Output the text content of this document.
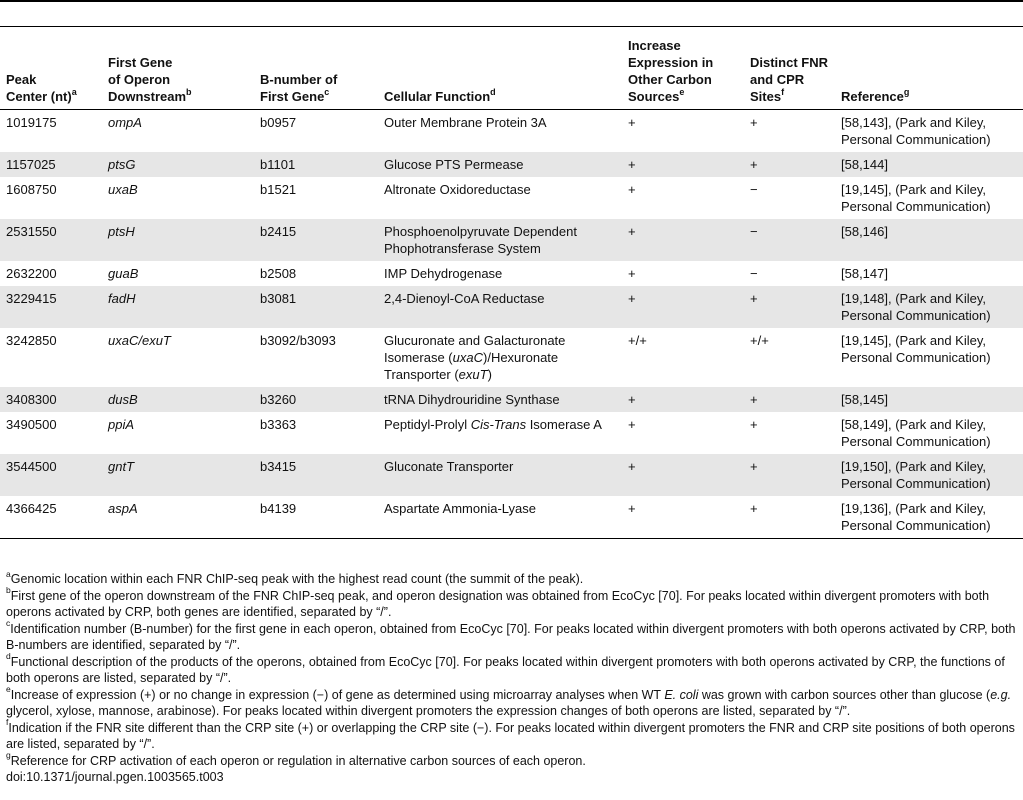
Peak
Center (nt)$^a$	First Gene
of Operon
Downstream$^b$	B-number of
First Gene$^c$	Cellular Function$^d$	Increase
Expression in
Other Carbon
Sources$^e$	Distinct FNR
and CPR
Sites$^f$	Reference$^g$
1019175	ompA	b0957	Outer Membrane Protein 3A	+	+	[58,143], (Park and Kiley, Personal Communication)
1157025	ptsG	b1101	Glucose PTS Permease	+	+	[58,144]
1608750	uxaB	b1521	Altronate Oxidoreductase	+	−	[19,145], (Park and Kiley, Personal Communication)
2531550	ptsH	b2415	Phosphoenolpyruvate Dependent Phophotransferase System	+	−	[58,146]
2632200	guaB	b2508	IMP Dehydrogenase	+	−	[58,147]
3229415	fadH	b3081	2,4-Dienoyl-CoA Reductase	+	+	[19,148], (Park and Kiley, Personal Communication)
3242850	uxaC/exuT	b3092/b3093	Glucuronate and Galacturonate Isomerase (uxaC)/Hexuronate Transporter (exuT)	+/+	+/+	[19,145], (Park and Kiley, Personal Communication)
3408300	dusB	b3260	tRNA Dihydrouridine Synthase	+	+	[58,145]
3490500	ppiA	b3363	Peptidyl-Prolyl Cis-Trans Isomerase A	+	+	[58,149], (Park and Kiley, Personal Communication)
3544500	gntT	b3415	Gluconate Transporter	+	+	[19,150], (Park and Kiley, Personal Communication)
4366425	aspA	b4139	Aspartate Ammonia-Lyase	+	+	[19,136], (Park and Kiley, Personal Communication)

$^a$Genomic location within each FNR ChIP-seq peak with the highest read count (the summit of the peak).

$^b$First gene of the operon downstream of the FNR ChIP-seq peak, and operon designation was obtained from EcoCyc [70]. For peaks located within divergent promoters with both operons activated by CRP, both genes are identified, separated by “/”.

$^c$Identification number (B-number) for the first gene in each operon, obtained from EcoCyc [70]. For peaks located within divergent promoters with both operons activated by CRP, both B-numbers are identified, separated by “/”.

$^d$Functional description of the products of the operons, obtained from EcoCyc [70]. For peaks located within divergent promoters with both operons activated by CRP, the functions of both operons are listed, separated by “/”.

$^e$Increase of expression (+) or no change in expression (−) of gene as determined using microarray analyses when WT E. coli was grown with carbon sources other than glucose (e.g. glycerol, xylose, mannose, arabinose). For peaks located within divergent promoters the expression changes of both operons are listed, separated by “/”.

$^f$Indication if the FNR site different than the CRP site (+) or overlapping the CRP site (−). For peaks located within divergent promoters the FNR and CRP site positions of both operons are listed, separated by “/”.

$^g$Reference for CRP activation of each operon or regulation in alternative carbon sources of each operon.

doi:10.1371/journal.pgen.1003565.t003
